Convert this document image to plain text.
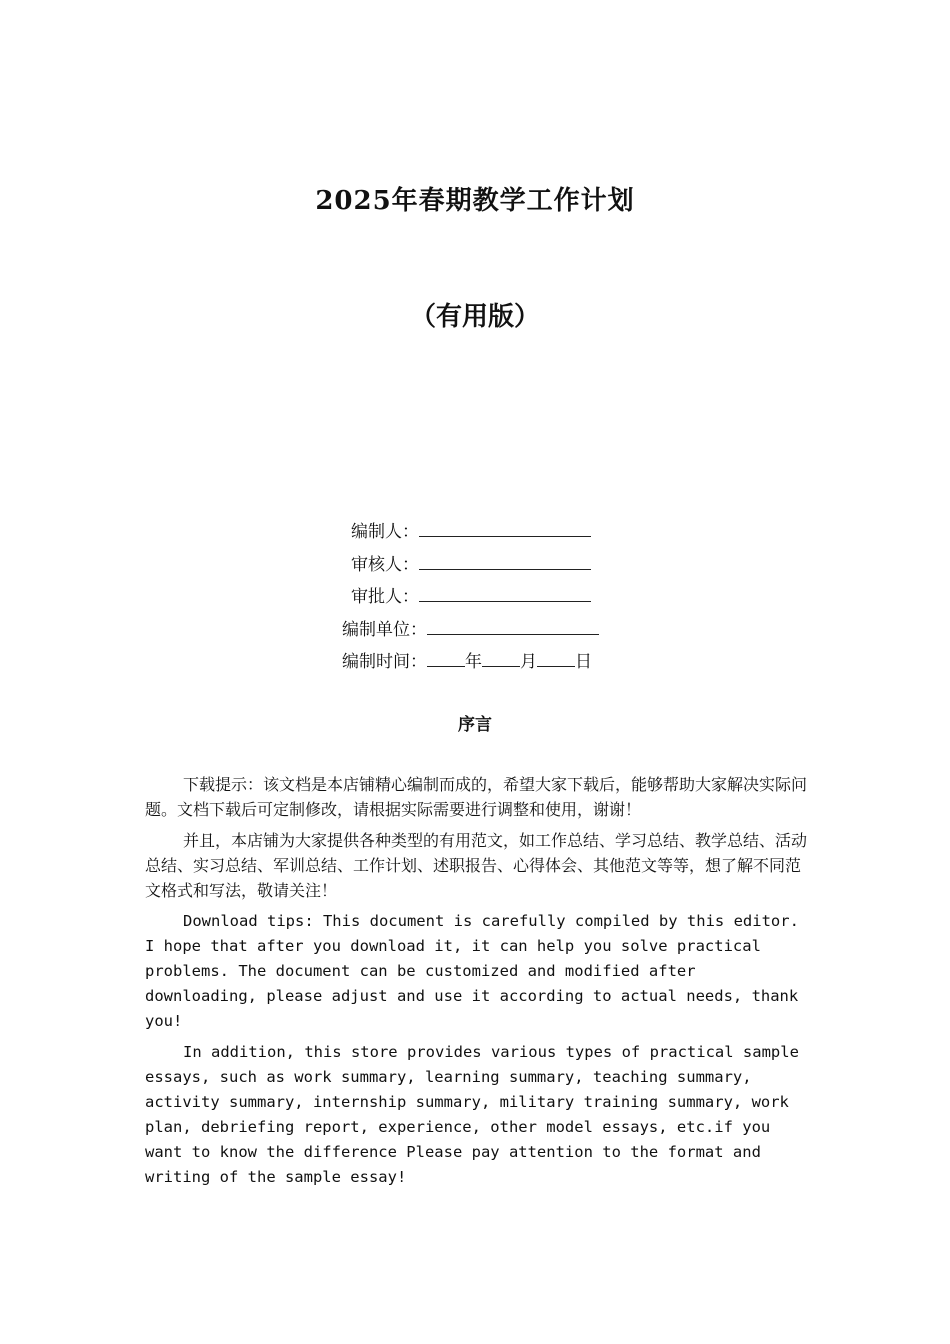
2025年春期教学工作计划
（有用版）
编制人：
审核人：
审批人：
编制单位：
编制时间： 年 月 日
序言

下载提示：该文档是本店铺精心编制而成的，希望大家下载后，能够帮助大家解决实际问题。文档下载后可定制修改，请根据实际需要进行调整和使用，谢谢！

并且，本店铺为大家提供各种类型的有用范文，如工作总结、学习总结、教学总结、活动总结、实习总结、军训总结、工作计划、述职报告、心得体会、其他范文等等，想了解不同范文格式和写法，敬请关注！

Download tips: This document is carefully compiled by this editor. I hope that after you download it, it can help you solve practical problems. The document can be customized and modified after downloading, please adjust and use it according to actual needs, thank you!

In addition, this store provides various types of practical sample essays, such as work summary, learning summary, teaching summary, activity summary, internship summary, military training summary, work plan, debriefing report, experience, other model essays, etc.if you want to know the difference Please pay attention to the format and writing of the sample essay!
